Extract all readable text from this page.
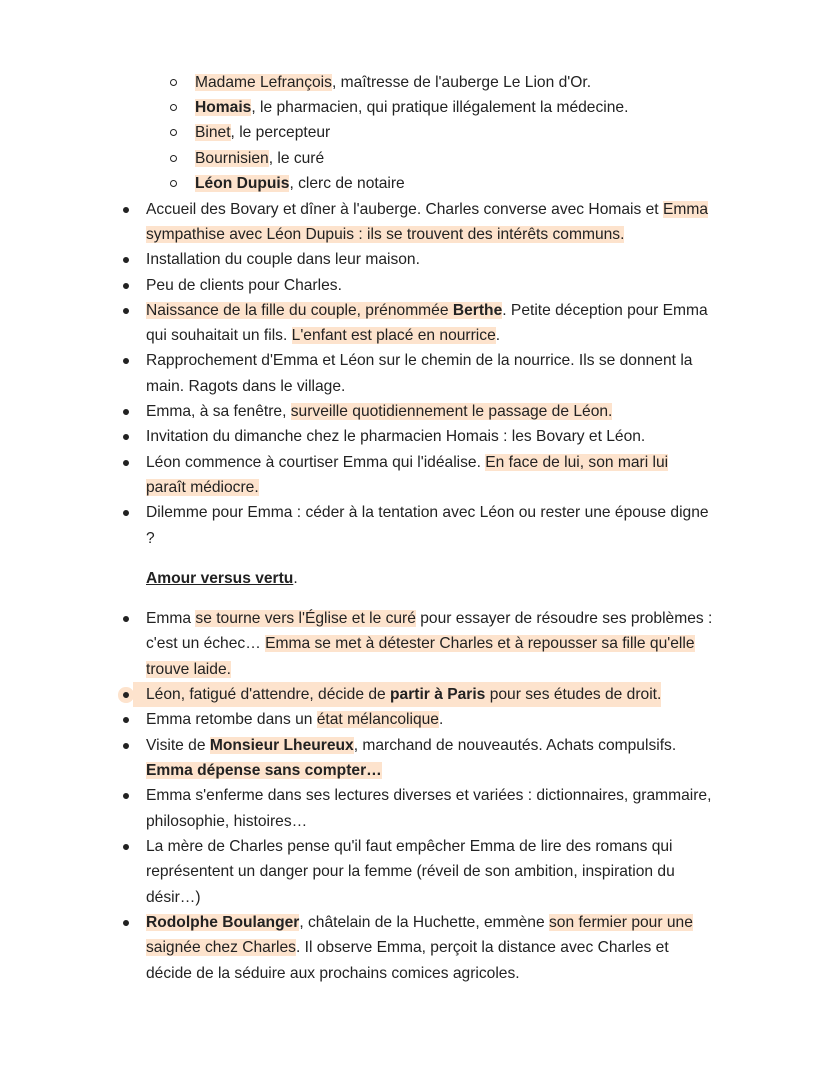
Madame Lefrançois, maîtresse de l'auberge Le Lion d'Or.
Homais, le pharmacien, qui pratique illégalement la médecine.
Binet, le percepteur
Bournisien, le curé
Léon Dupuis, clerc de notaire
Accueil des Bovary et dîner à l'auberge. Charles converse avec Homais et Emma
sympathise avec Léon Dupuis : ils se trouvent des intérêts communs.
Installation du couple dans leur maison.
Peu de clients pour Charles.
Naissance de la fille du couple, prénommée Berthe. Petite déception pour Emma
qui souhaitait un fils. L'enfant est placé en nourrice.
Rapprochement d'Emma et Léon sur le chemin de la nourrice. Ils se donnent la
main. Ragots dans le village.
Emma, à sa fenêtre, surveille quotidiennement le passage de Léon.
Invitation du dimanche chez le pharmacien Homais : les Bovary et Léon.
Léon commence à courtiser Emma qui l'idéalise. En face de lui, son mari lui
paraît médiocre.
Dilemme pour Emma : céder à la tentation avec Léon ou rester une épouse digne
?
Amour versus vertu.
Emma se tourne vers l'Église et le curé pour essayer de résoudre ses problèmes :
c'est un échec… Emma se met à détester Charles et à repousser sa fille qu'elle
trouve laide.
Léon, fatigué d'attendre, décide de partir à Paris pour ses études de droit.
Emma retombe dans un état mélancolique.
Visite de Monsieur Lheureux, marchand de nouveautés. Achats compulsifs.
Emma dépense sans compter…
Emma s'enferme dans ses lectures diverses et variées : dictionnaires, grammaire,
philosophie, histoires…
La mère de Charles pense qu'il faut empêcher Emma de lire des romans qui
représentent un danger pour la femme (réveil de son ambition, inspiration du
désir…)
Rodolphe Boulanger, châtelain de la Huchette, emmène son fermier pour une
saignée chez Charles. Il observe Emma, perçoit la distance avec Charles et
décide de la séduire aux prochains comices agricoles.
